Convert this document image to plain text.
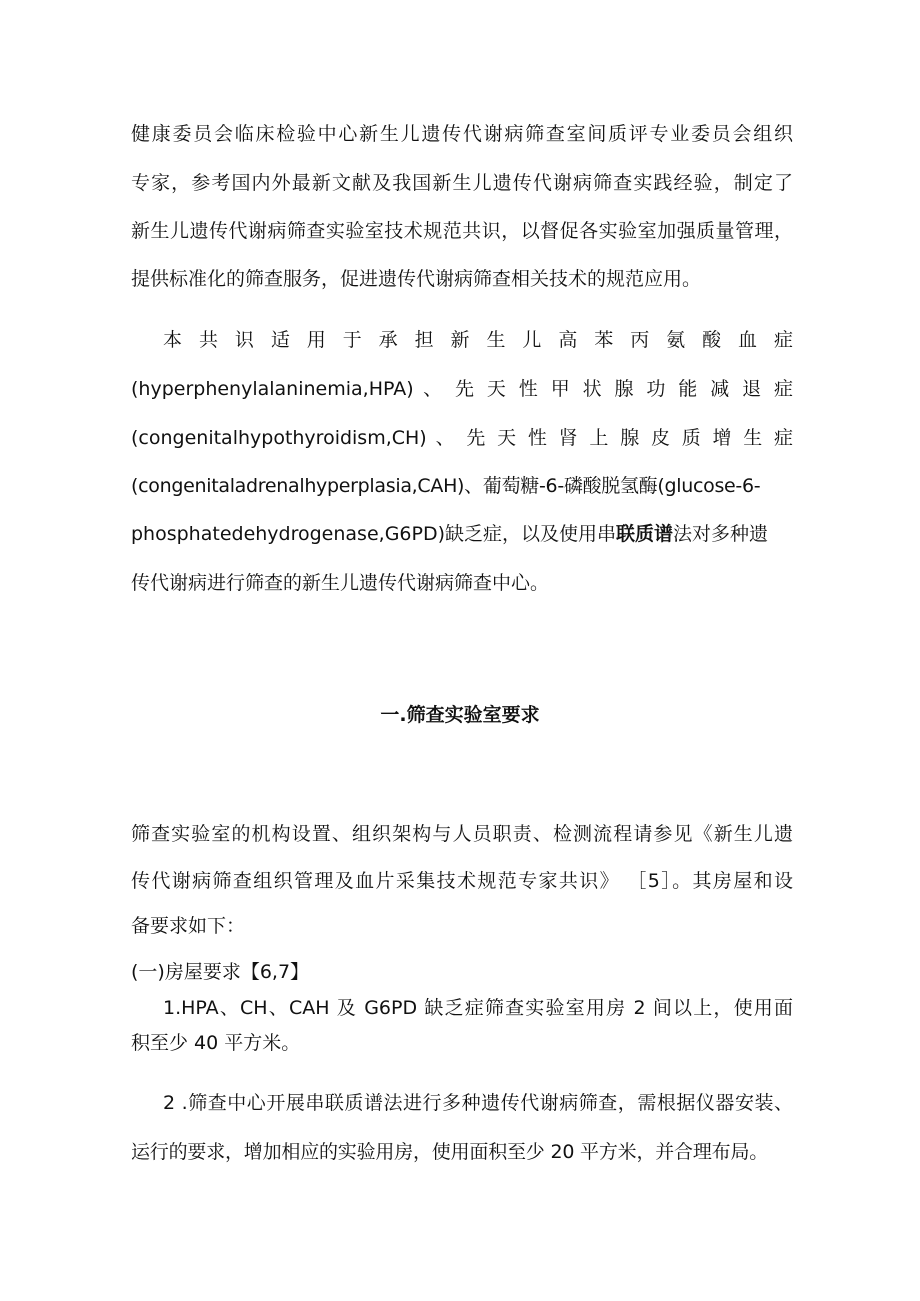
健康委员会临床检验中心新生儿遗传代谢病筛查室间质评专业委员会组织
专家，参考国内外最新文献及我国新生儿遗传代谢病筛查实践经验，制定了
新生儿遗传代谢病筛查实验室技术规范共识，以督促各实验室加强质量管理，
提供标准化的筛查服务，促进遗传代谢病筛查相关技术的规范应用。
本 共 识 适 用 于 承 担 新 生 儿 高 苯 丙 氨 酸 血 症
(hyperphenylalaninemia,HPA) 、 先 天 性 甲 状 腺 功 能 减 退 症
(congenitalhypothyroidism,CH) 、 先 天 性 肾 上 腺 皮 质 增 生 症
(congenitaladrenalhyperplasia,CAH)、葡萄糖-6-磷酸脱氢酶(glucose-6-
phosphatedehydrogenase,G6PD)缺乏症，以及使用串联质谱法对多种遗
传代谢病进行筛查的新生儿遗传代谢病筛查中心。
一.筛查实验室要求
筛查实验室的机构设置、组织架构与人员职责、检测流程请参见《新生儿遗
传代谢病筛查组织管理及血片采集技术规范专家共识》 ［5］。其房屋和设
备要求如下：
(一)房屋要求【6,7】
1.HPA、CH、CAH 及 G6PD 缺乏症筛查实验室用房 2 间以上，使用面
积至少 40 平方米。
2 .筛查中心开展串联质谱法进行多种遗传代谢病筛查，需根据仪器安装、
运行的要求，增加相应的实验用房，使用面积至少 20 平方米，并合理布局。
